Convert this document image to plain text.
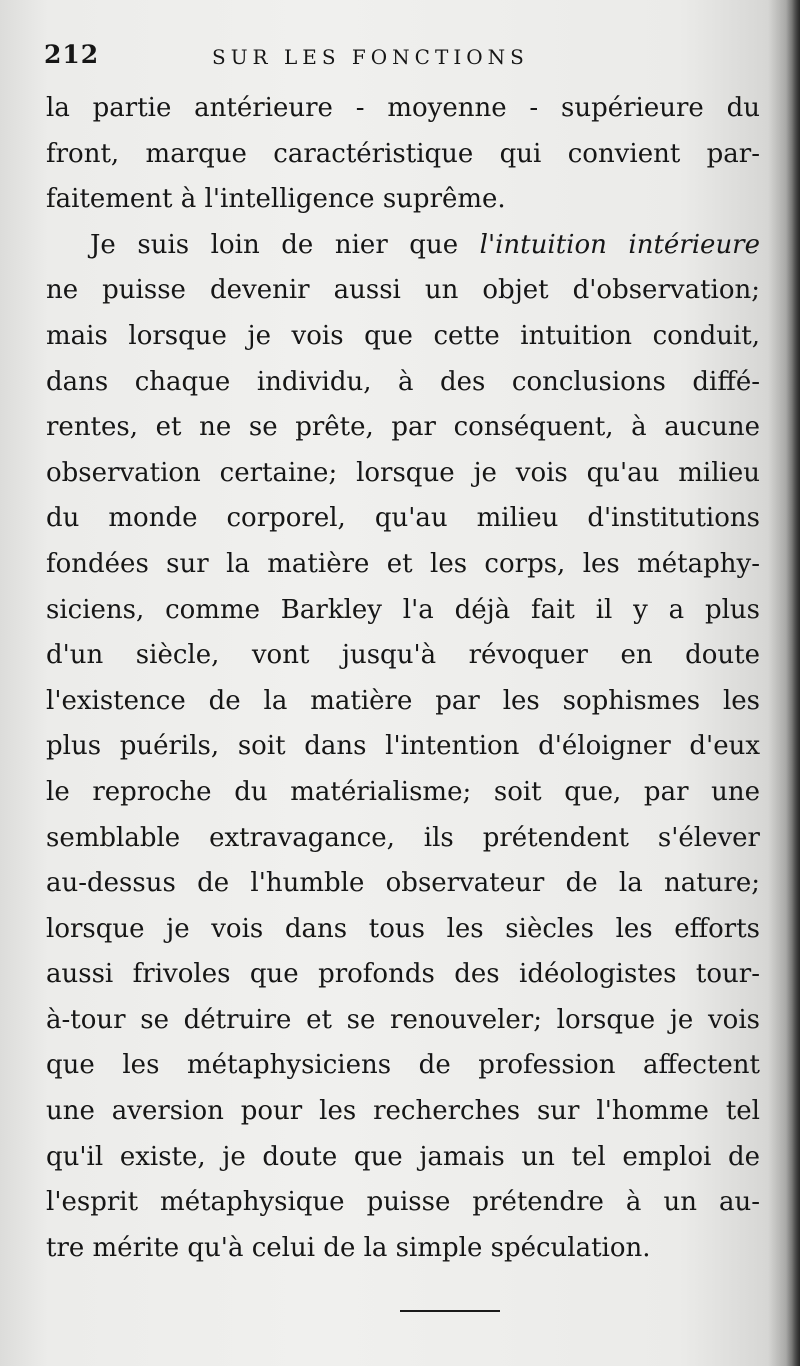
212	SUR LES FONCTIONS
la partie antérieure - moyenne - supérieure du
front, marque caractéristique qui convient par-
faitement à l'intelligence suprême.
Je suis loin de nier que l'intuition intérieure
ne puisse devenir aussi un objet d'observation;
mais lorsque je vois que cette intuition conduit,
dans chaque individu, à des conclusions diffé-
rentes, et ne se prête, par conséquent, à aucune
observation certaine; lorsque je vois qu'au milieu
du monde corporel, qu'au milieu d'institutions
fondées sur la matière et les corps, les métaphy-
siciens, comme Barkley l'a déjà fait il y a plus
d'un siècle, vont jusqu'à révoquer en doute
l'existence de la matière par les sophismes les
plus puérils, soit dans l'intention d'éloigner d'eux
le reproche du matérialisme; soit que, par une
semblable extravagance, ils prétendent s'élever
au-dessus de l'humble observateur de la nature;
lorsque je vois dans tous les siècles les efforts
aussi frivoles que profonds des idéologistes tour-
à-tour se détruire et se renouveler; lorsque je vois
que les métaphysiciens de profession affectent
une aversion pour les recherches sur l'homme tel
qu'il existe, je doute que jamais un tel emploi de
l'esprit métaphysique puisse prétendre à un au-
tre mérite qu'à celui de la simple spéculation.
